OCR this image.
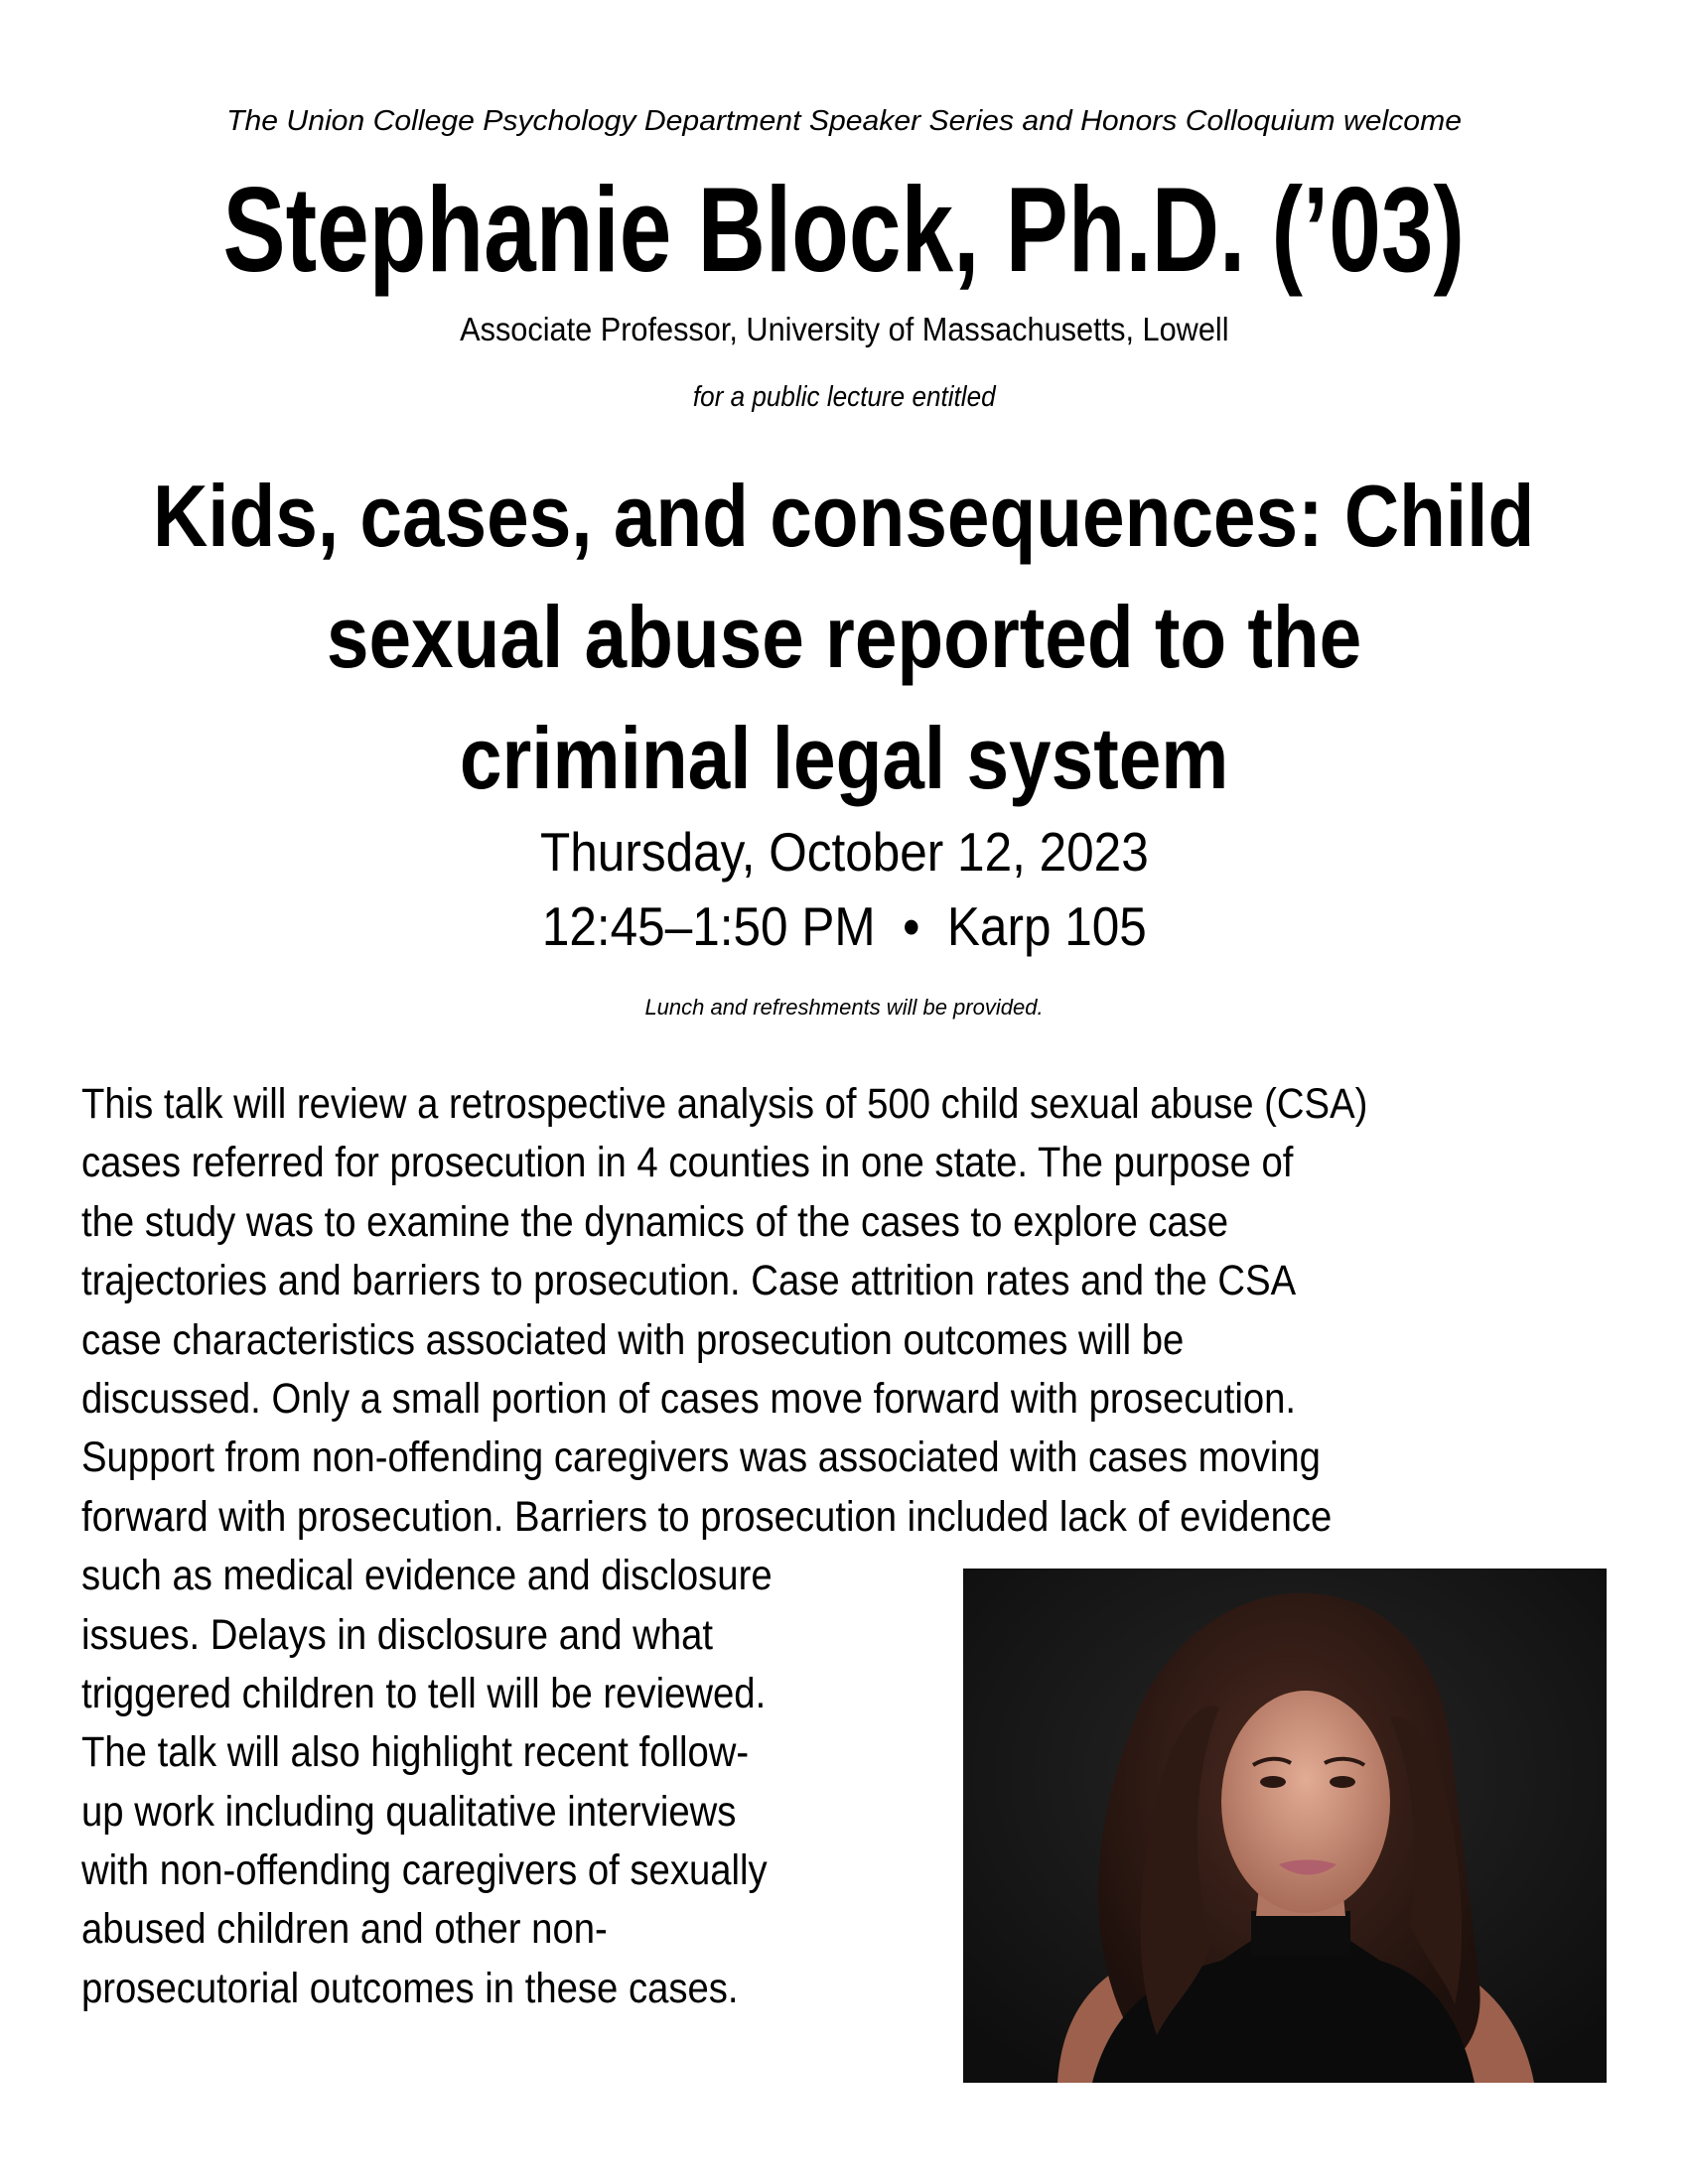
The Union College Psychology Department Speaker Series and Honors Colloquium welcome
Stephanie Block, Ph.D. (’03)
Associate Professor, University of Massachusetts, Lowell
for a public lecture entitled
Kids, cases, and consequences: Child
sexual abuse reported to the
criminal legal system
Thursday, October 12, 2023
12:45–1:50 PM  •  Karp 105
Lunch and refreshments will be provided.
This talk will review a retrospective analysis of 500 child sexual abuse (CSA)
cases referred for prosecution in 4 counties in one state. The purpose of
the study was to examine the dynamics of the cases to explore case
trajectories and barriers to prosecution. Case attrition rates and the CSA
case characteristics associated with prosecution outcomes will be
discussed. Only a small portion of cases move forward with prosecution.
Support from non-offending caregivers was associated with cases moving
forward with prosecution. Barriers to prosecution included lack of evidence
such as medical evidence and disclosure
issues. Delays in disclosure and what
triggered children to tell will be reviewed.
The talk will also highlight recent follow-
up work including qualitative interviews
with non-offending caregivers of sexually
abused children and other non-
prosecutorial outcomes in these cases.
